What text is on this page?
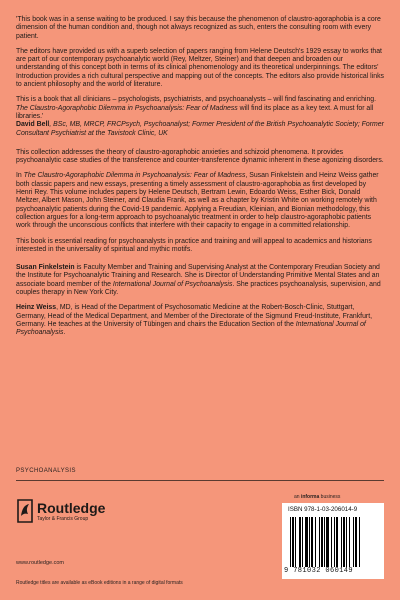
'This book was in a sense waiting to be produced. I say this because the phenomenon of claustro-agoraphobia is a core dimension of the human condition and, though not always recognized as such, enters the consulting room with every patient.

The editors have provided us with a superb selection of papers ranging from Helene Deutsch's 1929 essay to works that are part of our contemporary psychoanalytic world (Rey, Meltzer, Steiner) and that deepen and broaden our understanding of this concept both in terms of its clinical phenomenology and its theoretical underpinnings. The editors' Introduction provides a rich cultural perspective and mapping out of the concepts. The editors also provide historical links to ancient philosophy and the world of literature.

This is a book that all clinicians – psychologists, psychiatrists, and psychoanalysts – will find fascinating and enriching. The Claustro-Agoraphobic Dilemma in Psychoanalysis: Fear of Madness will find its place as a key text. A must for all libraries.'

David Bell, BSc, MB, MRCP, FRCPsych, Psychoanalyst; Former President of the British Psychoanalytic Society; Former Consultant Psychiatrist at the Tavistock Clinic, UK

This collection addresses the theory of claustro-agoraphobic anxieties and schizoid phenomena. It provides psychoanalytic case studies of the transference and counter-transference dynamic inherent in these agonizing disorders.

In The Claustro-Agoraphobic Dilemma in Psychoanalysis: Fear of Madness, Susan Finkelstein and Heinz Weiss gather both classic papers and new essays, presenting a timely assessment of claustro-agoraphobia as first developed by Henri Rey. This volume includes papers by Helene Deutsch, Bertram Lewin, Edoardo Weiss, Esther Bick, Donald Meltzer, Albert Mason, John Steiner, and Claudia Frank, as well as a chapter by Kristin White on working remotely with psychoanalytic patients during the Covid-19 pandemic. Applying a Freudian, Kleinian, and Bionian methodology, this collection argues for a long-term approach to psychoanalytic treatment in order to help claustro-agoraphobic patients work through the unconscious conflicts that interfere with their capacity to engage in a committed relationship.

This book is essential reading for psychoanalysts in practice and training and will appeal to academics and historians interested in the universality of spiritual and mythic motifs.

Susan Finkelstein is Faculty Member and Training and Supervising Analyst at the Contemporary Freudian Society and the Institute for Psychoanalytic Training and Research. She is Director of Understanding Primitive Mental States and an associate board member of the International Journal of Psychoanalysis. She practices psychoanalysis, supervision, and couples therapy in New York City.

Heinz Weiss, MD, is Head of the Department of Psychosomatic Medicine at the Robert-Bosch-Clinic, Stuttgart, Germany, Head of the Medical Department, and Member of the Directorate of the Sigmund Freud-Institute, Frankfurt, Germany. He teaches at the University of Tübingen and chairs the Education Section of the International Journal of Psychoanalysis.

PSYCHOANALYSIS
Routledge
Taylor & Francis Group
www.routledge.com
Routledge titles are available as eBook editions in a range of digital formats
an informa business
ISBN 978-1-03-206014-9
9 781032 060149
